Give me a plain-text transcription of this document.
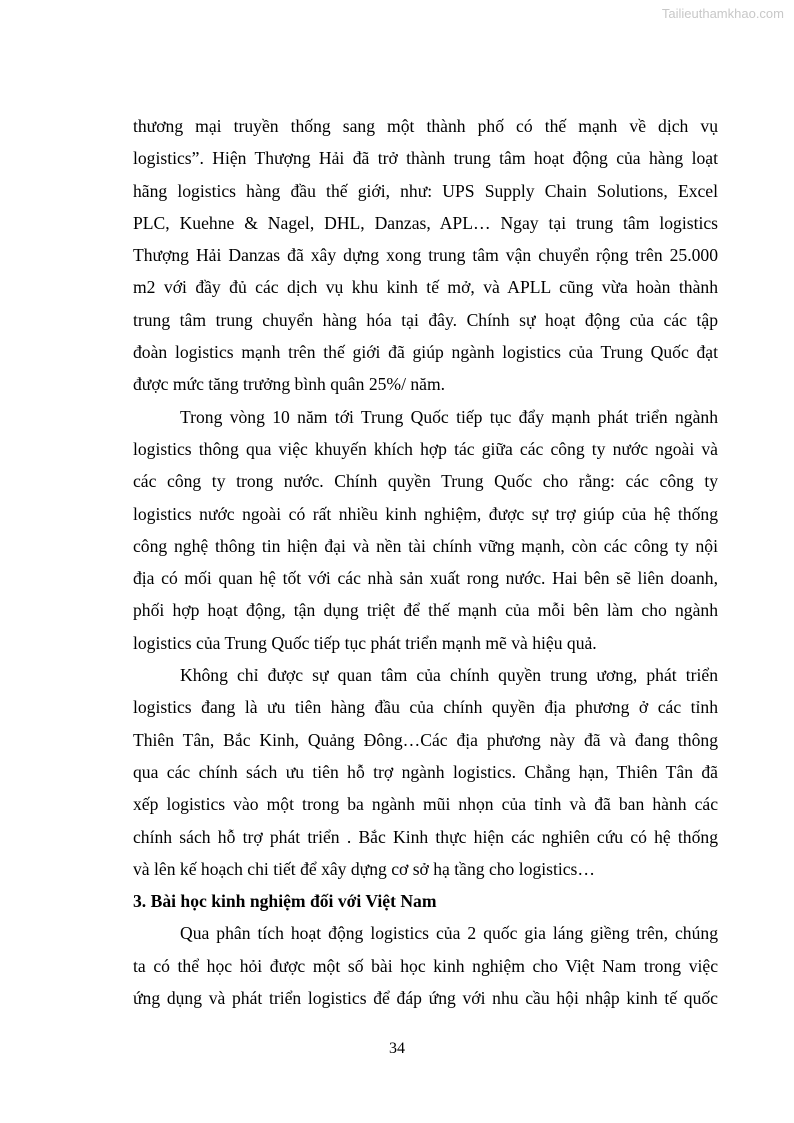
Tailieuthamkhao.com
thương mại truyền thống sang một thành phố có thế mạnh về dịch vụ
logistics”. Hiện Thượng Hải đã trở thành trung tâm hoạt động của hàng loạt
hãng logistics hàng đầu thế giới, như: UPS Supply Chain Solutions, Excel
PLC, Kuehne & Nagel, DHL, Danzas, APL… Ngay tại trung tâm logistics
Thượng Hải Danzas đã xây dựng xong trung tâm vận chuyển rộng trên 25.000
m2 với đầy đủ các dịch vụ khu kinh tế mở, và APLL cũng vừa hoàn thành
trung tâm trung chuyển hàng hóa tại đây. Chính sự hoạt động của các tập
đoàn logistics mạnh trên thế giới đã giúp ngành logistics của Trung Quốc đạt
được mức tăng trưởng bình quân 25%/ năm.
Trong vòng 10 năm tới Trung Quốc tiếp tục đẩy mạnh phát triển ngành
logistics thông qua việc khuyến khích hợp tác giữa các công ty nước ngoài và
các công ty trong nước. Chính quyền Trung Quốc cho rằng: các công ty
logistics nước ngoài có rất nhiều kinh nghiệm, được sự trợ giúp của hệ thống
công nghệ thông tin hiện đại và nền tài chính vững mạnh, còn các công ty nội
địa có mối quan hệ tốt với các nhà sản xuất rong nước. Hai bên sẽ liên doanh,
phối hợp hoạt động, tận dụng triệt để thế mạnh của mỗi bên làm cho ngành
logistics của Trung Quốc tiếp tục phát triển mạnh mẽ và hiệu quả.
Không chỉ được sự quan tâm của chính quyền trung ương, phát triển
logistics đang là ưu tiên hàng đầu của chính quyền địa phương ở các tỉnh
Thiên Tân, Bắc Kinh, Quảng Đông…Các địa phương này đã và đang thông
qua các chính sách ưu tiên hỗ trợ ngành logistics. Chẳng hạn, Thiên Tân đã
xếp logistics vào một trong ba ngành mũi nhọn của tỉnh và đã ban hành các
chính sách hỗ trợ phát triển . Bắc Kinh thực hiện các nghiên cứu có hệ thống
và lên kế hoạch chi tiết để xây dựng cơ sở hạ tầng cho logistics…
3. Bài học kinh nghiệm đối với Việt Nam
Qua phân tích hoạt động logistics của 2 quốc gia láng giềng trên, chúng
ta có thể học hỏi được một số bài học kinh nghiệm cho Việt Nam trong việc
ứng dụng và phát triển logistics để đáp ứng với nhu cầu hội nhập kinh tế quốc
34
